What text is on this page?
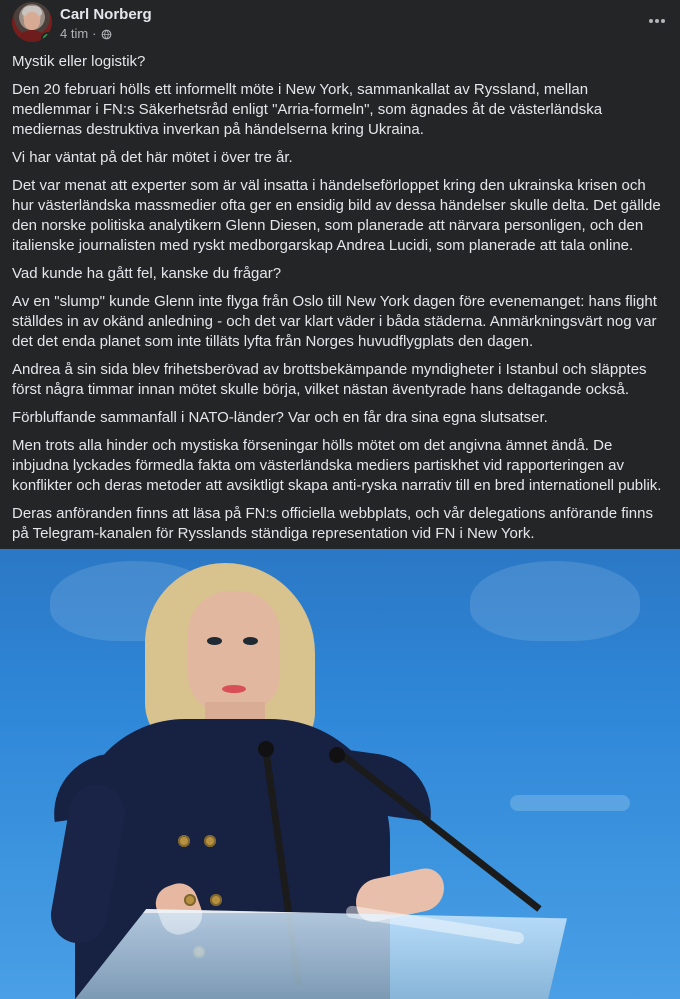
Carl Norberg
4 tim ·

Mystik eller logistik?

Den 20 februari hölls ett informellt möte i New York, sammankallat av Ryssland, mellan medlemmar i FN:s Säkerhetsråd enligt "Arria-formeln", som ägnades åt de västerländska mediernas destruktiva inverkan på händelserna kring Ukraina.

Vi har väntat på det här mötet i över tre år.

Det var menat att experter som är väl insatta i händelseförloppet kring den ukrainska krisen och hur västerländska massmedier ofta ger en ensidig bild av dessa händelser skulle delta. Det gällde den norske politiska analytikern Glenn Diesen, som planerade att närvara personligen, och den italienske journalisten med ryskt medborgarskap Andrea Lucidi, som planerade att tala online.

Vad kunde ha gått fel, kanske du frågar?

Av en "slump" kunde Glenn inte flyga från Oslo till New York dagen före evenemanget: hans flight ställdes in av okänd anledning - och det var klart väder i båda städerna. Anmärkningsvärt nog var det det enda planet som inte tilläts lyfta från Norges huvudflygplats den dagen.

Andrea å sin sida blev frihetsberövad av brottsbekämpande myndigheter i Istanbul och släpptes först några timmar innan mötet skulle börja, vilket nästan äventyrade hans deltagande också.

Förbluffande sammanfall i NATO-länder? Var och en får dra sina egna slutsatser.

Men trots alla hinder och mystiska förseningar hölls mötet om det angivna ämnet ändå. De inbjudna lyckades förmedla fakta om västerländska mediers partiskhet vid rapporteringen av konflikter och deras metoder att avsiktligt skapa anti-ryska narrativ till en bred internationell publik.

Deras anföranden finns att läsa på FN:s officiella webbplats, och vår delegations anförande finns på Telegram-kanalen för Rysslands ständiga representation vid FN i New York.
